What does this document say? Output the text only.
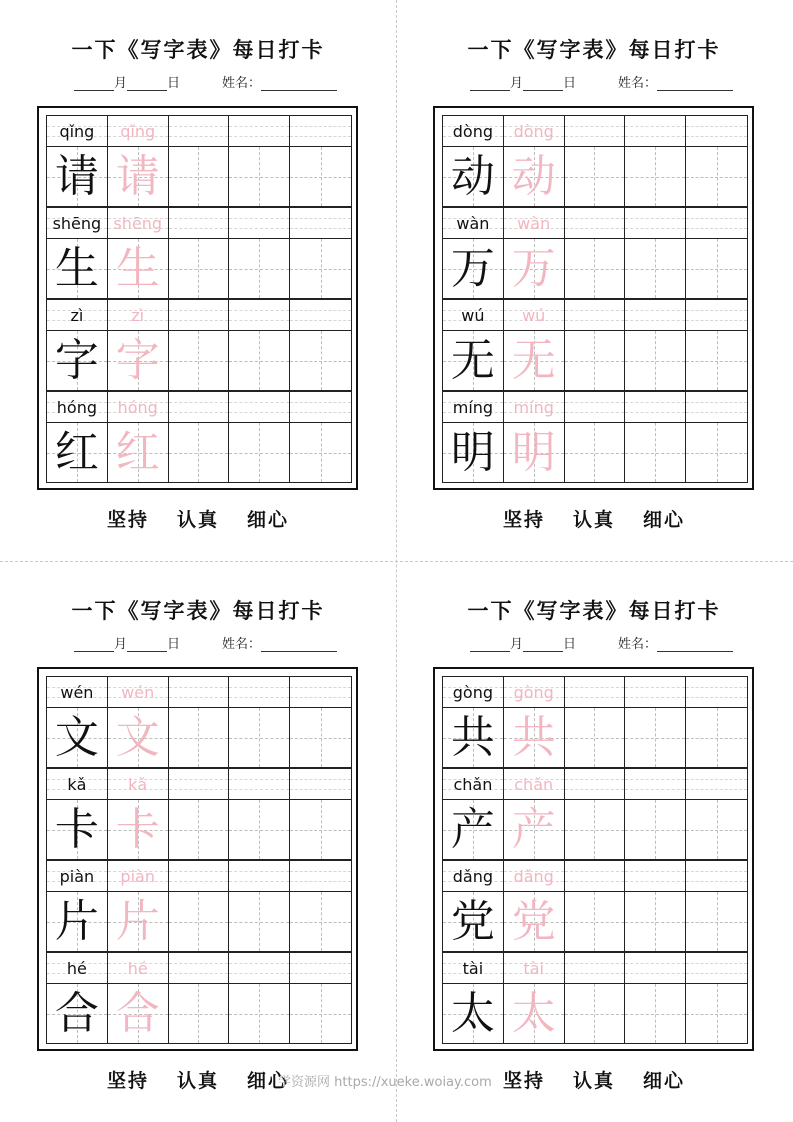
一下《写字表》每日打卡
月	日	姓名：
qǐng qǐng
请 请
shēng shēng
生 生
zì	zì
字 字
hóng hóng
红 红
坚持 认真 细心
一下《写字表》每日打卡
月	日	姓名：
dòng dòng
动 动
wàn wàn
万 万
wú wú
无 无
míng míng
明 明
坚持 认真 细心
一下《写字表》每日打卡
月	日	姓名：
wén wén
文 文
kǎ	kǎ
卡 卡
piàn piàn
片 片
hé	hé
合 合
坚持 认真 细心
一下《写字表》每日打卡
月	日	姓名：
gòng gòng
共 共
chǎn chǎn
产 产
dǎng dǎng
党 党
tài	tài
太 太
坚持 认真 细心
学资源网 https://xueke.woiay.com
